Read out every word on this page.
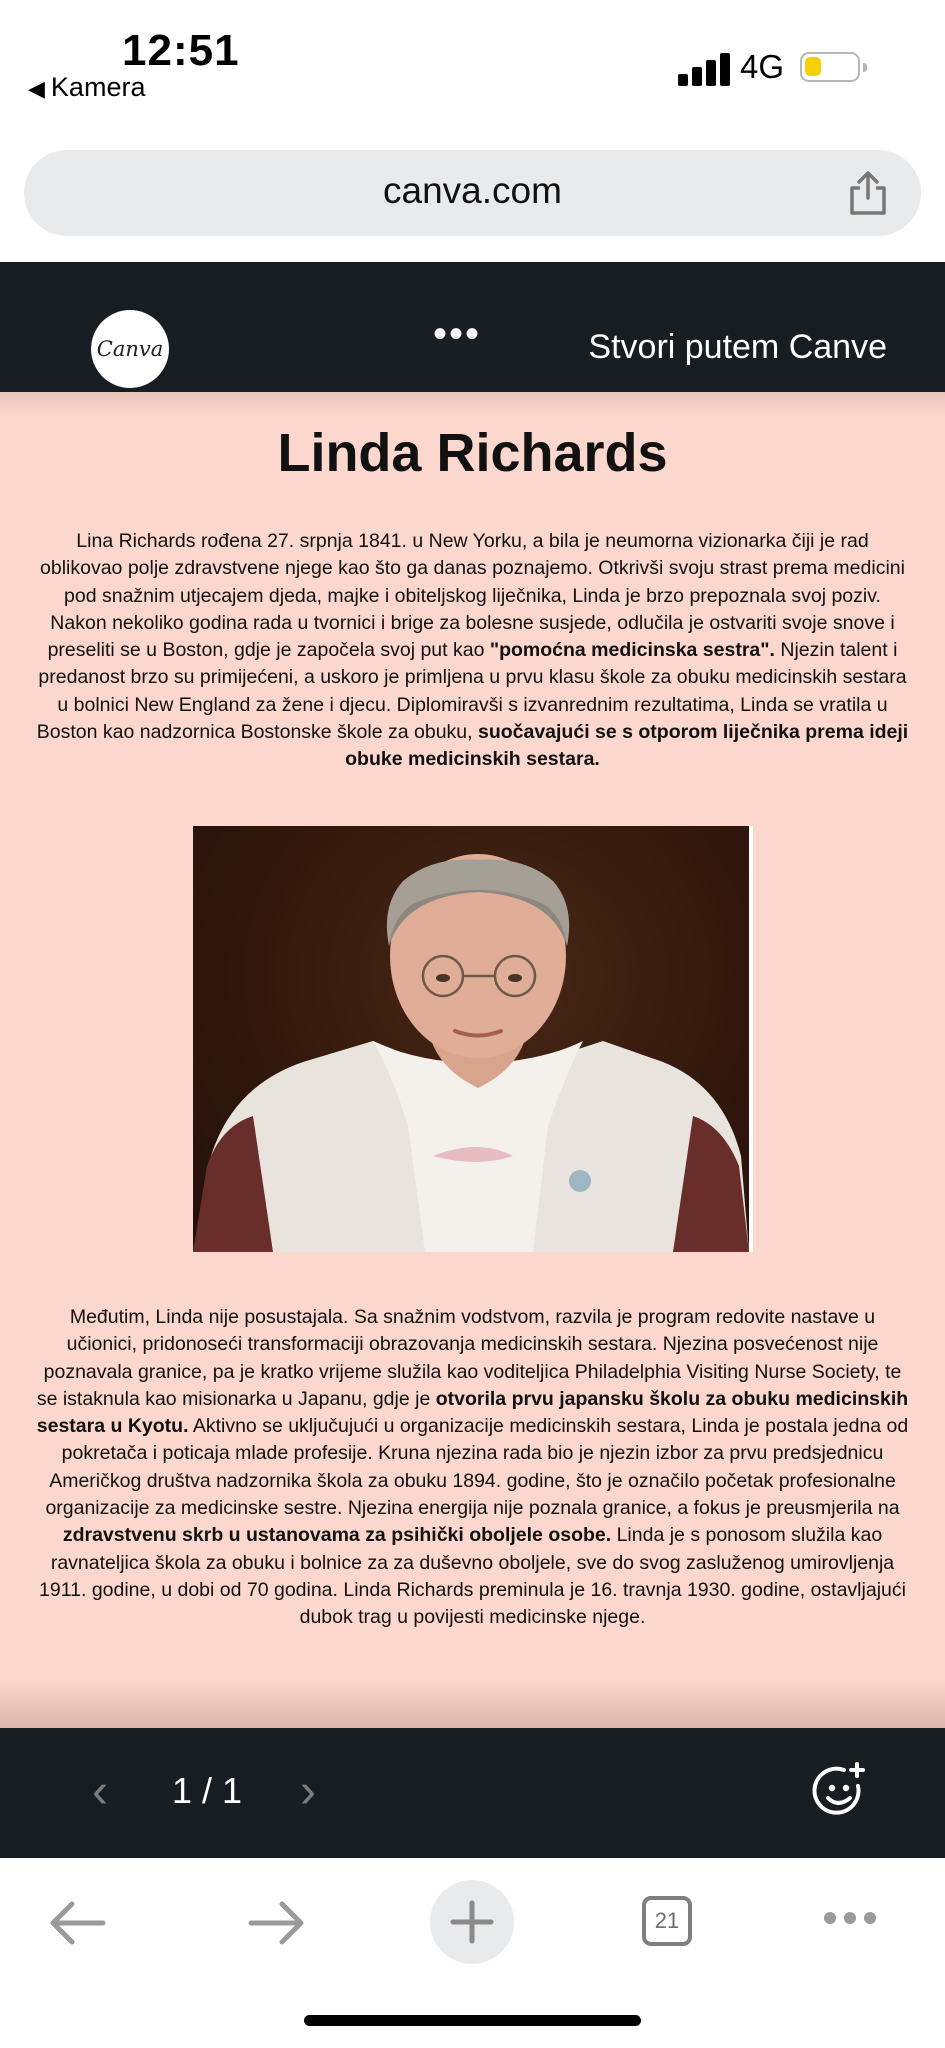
12:51
◀ Kamera
4G
canva.com
Canva	•••	Stvori putem Canve
Linda Richards
Lina Richards rođena 27. srpnja 1841. u New Yorku, a bila je neumorna vizionarka čiji je rad oblikovao polje zdravstvene njege kao što ga danas poznajemo. Otkrivši svoju strast prema medicini pod snažnim utjecajem djeda, majke i obiteljskog liječnika, Linda je brzo prepoznala svoj poziv. Nakon nekoliko godina rada u tvornici i brige za bolesne susjede, odlučila je ostvariti svoje snove i preseliti se u Boston, gdje je započela svoj put kao "pomoćna medicinska sestra". Njezin talent i predanost brzo su primijećeni, a uskoro je primljena u prvu klasu škole za obuku medicinskih sestara u bolnici New England za žene i djecu. Diplomiravši s izvanrednim rezultatima, Linda se vratila u Boston kao nadzornica Bostonske škole za obuku, suočavajući se s otporom liječnika prema ideji obuke medicinskih sestara.
Međutim, Linda nije posustajala. Sa snažnim vodstvom, razvila je program redovite nastave u učionici, pridonoseći transformaciji obrazovanja medicinskih sestara. Njezina posvećenost nije poznavala granice, pa je kratko vrijeme služila kao voditeljica Philadelphia Visiting Nurse Society, te se istaknula kao misionarka u Japanu, gdje je otvorila prvu japansku školu za obuku medicinskih sestara u Kyotu. Aktivno se uključujući u organizacije medicinskih sestara, Linda je postala jedna od pokretača i poticaja mlade profesije. Kruna njezina rada bio je njezin izbor za prvu predsjednicu Američkog društva nadzornika škola za obuku 1894. godine, što je označilo početak profesionalne organizacije za medicinske sestre. Njezina energija nije poznala granice, a fokus je preusmjerila na zdravstvenu skrb u ustanovama za psihički oboljele osobe. Linda je s ponosom služila kao ravnateljica škola za obuku i bolnice za za duševno oboljele, sve do svog zasluženog umirovljenja 1911. godine, u dobi od 70 godina. Linda Richards preminula je 16. travnja 1930. godine, ostavljajući dubok trag u povijesti medicinske njege.
‹ 1 / 1 ›
21
